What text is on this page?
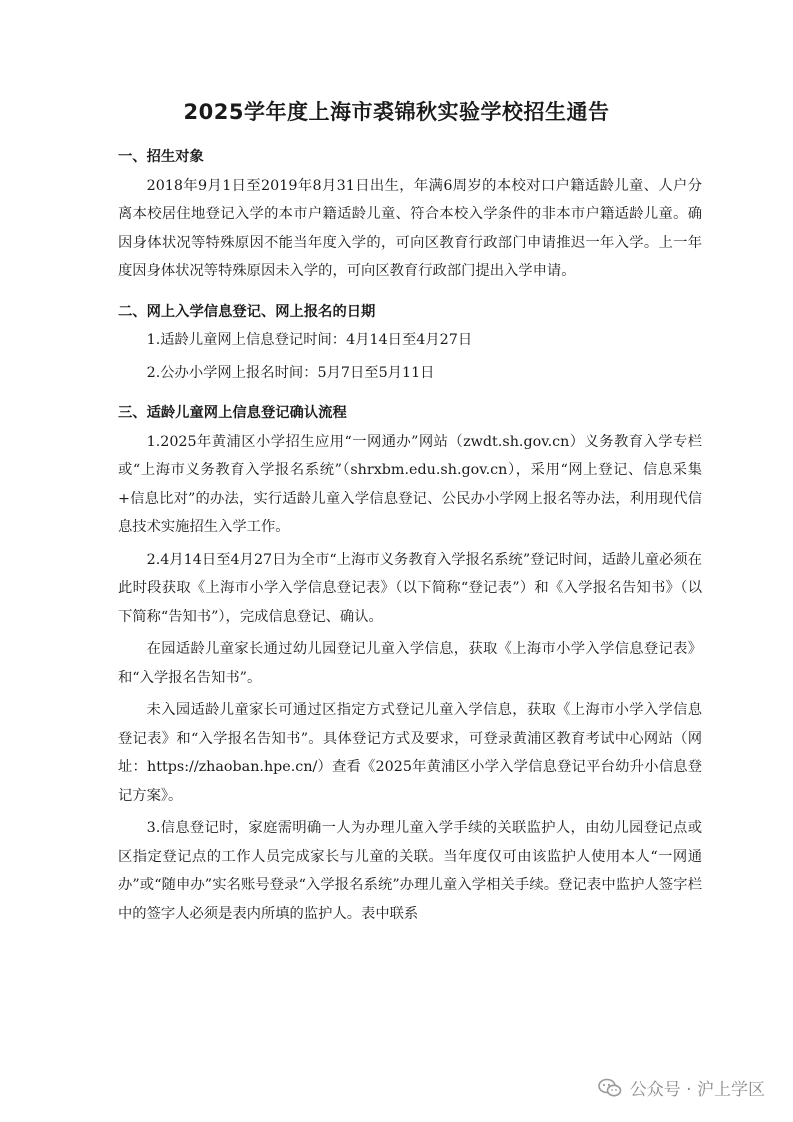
2025学年度上海市裘锦秋实验学校招生通告
一、招生对象

2018年9月1日至2019年8月31日出生，年满6周岁的本校对口户籍适龄儿童、人户分离本校居住地登记入学的本市户籍适龄儿童、符合本校入学条件的非本市户籍适龄儿童。确因身体状况等特殊原因不能当年度入学的，可向区教育行政部门申请推迟一年入学。上一年度因身体状况等特殊原因未入学的，可向区教育行政部门提出入学申请。

二、网上入学信息登记、网上报名的日期

1.适龄儿童网上信息登记时间：4月14日至4月27日

2.公办小学网上报名时间：5月7日至5月11日

三、适龄儿童网上信息登记确认流程

1.2025年黄浦区小学招生应用“一网通办”网站（zwdt.sh.gov.cn）义务教育入学专栏或“上海市义务教育入学报名系统”（shrxbm.edu.sh.gov.cn），采用“网上登记、信息采集+信息比对”的办法，实行适龄儿童入学信息登记、公民办小学网上报名等办法，利用现代信息技术实施招生入学工作。

2.4月14日至4月27日为全市“上海市义务教育入学报名系统”登记时间，适龄儿童必须在此时段获取《上海市小学入学信息登记表》（以下简称“登记表”）和《入学报名告知书》（以下简称“告知书”），完成信息登记、确认。

在园适龄儿童家长通过幼儿园登记儿童入学信息，获取《上海市小学入学信息登记表》和“入学报名告知书”。

未入园适龄儿童家长可通过区指定方式登记儿童入学信息，获取《上海市小学入学信息登记表》和“入学报名告知书”。具体登记方式及要求，可登录黄浦区教育考试中心网站（网址：https://zhaoban.hpe.cn/）查看《2025年黄浦区小学入学信息登记平台幼升小信息登记方案》。

3.信息登记时，家庭需明确一人为办理儿童入学手续的关联监护人，由幼儿园登记点或区指定登记点的工作人员完成家长与儿童的关联。当年度仅可由该监护人使用本人“一网通办”或“随申办”实名账号登录“入学报名系统”办理儿童入学相关手续。登记表中监护人签字栏中的签字人必须是表内所填的监护人。表中联系

公众号 · 沪上学区
